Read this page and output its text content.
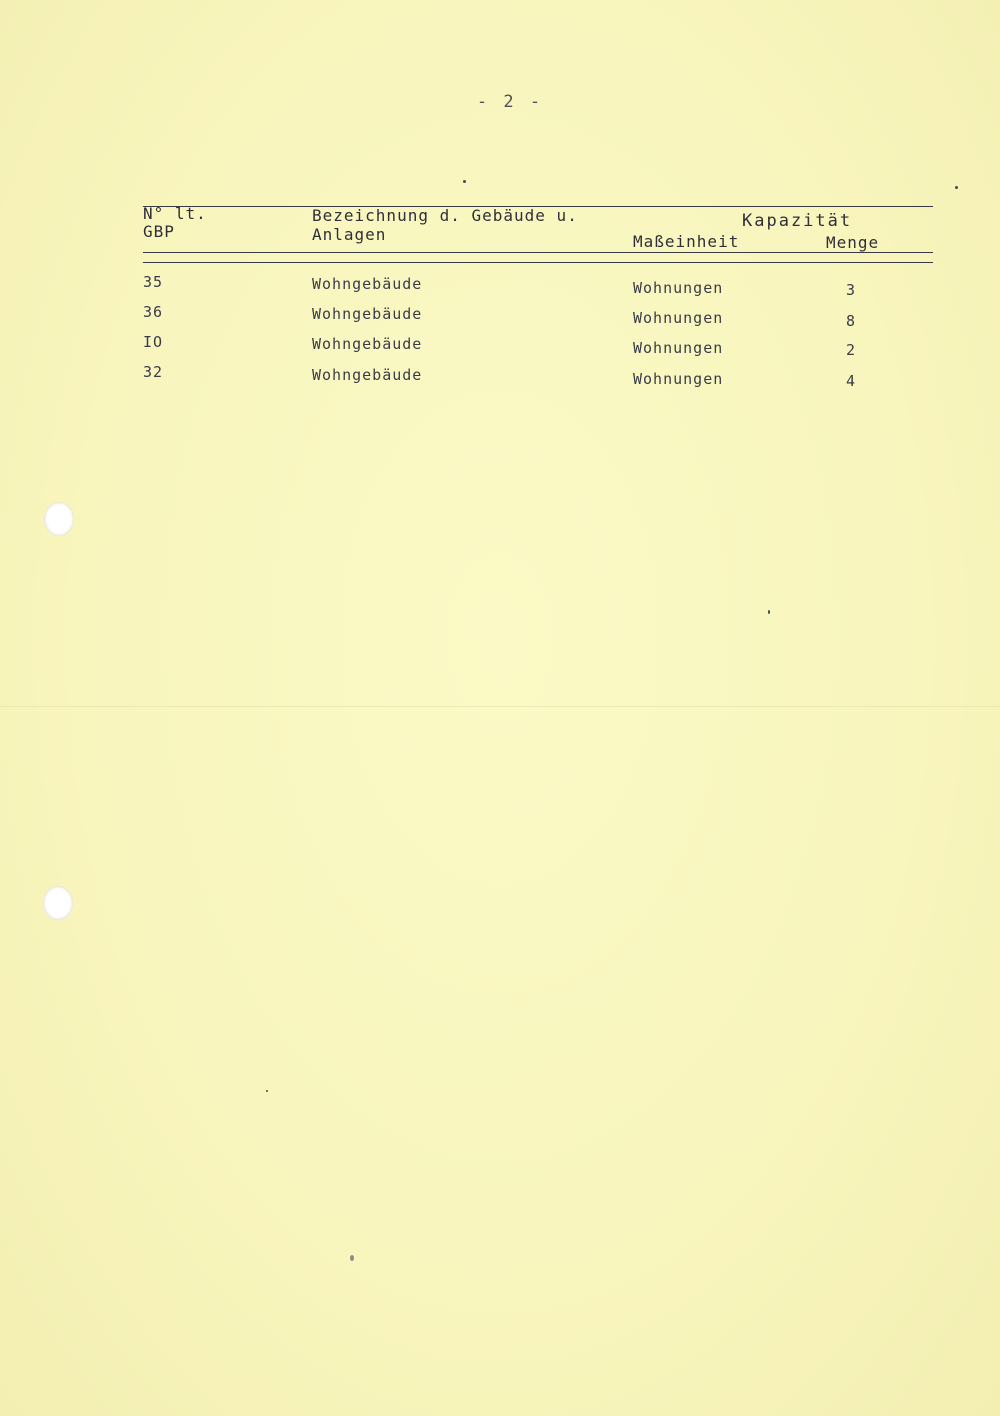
- 2 -
N° lt.
GBP
Bezeichnung d. Gebäude u.
Anlagen
Kapazität
Maßeinheit	Menge
35	Wohngebäude	Wohnungen	3
36	Wohngebäude	Wohnungen	8
IO	Wohngebäude	Wohnungen	2
32	Wohngebäude	Wohnungen	4
